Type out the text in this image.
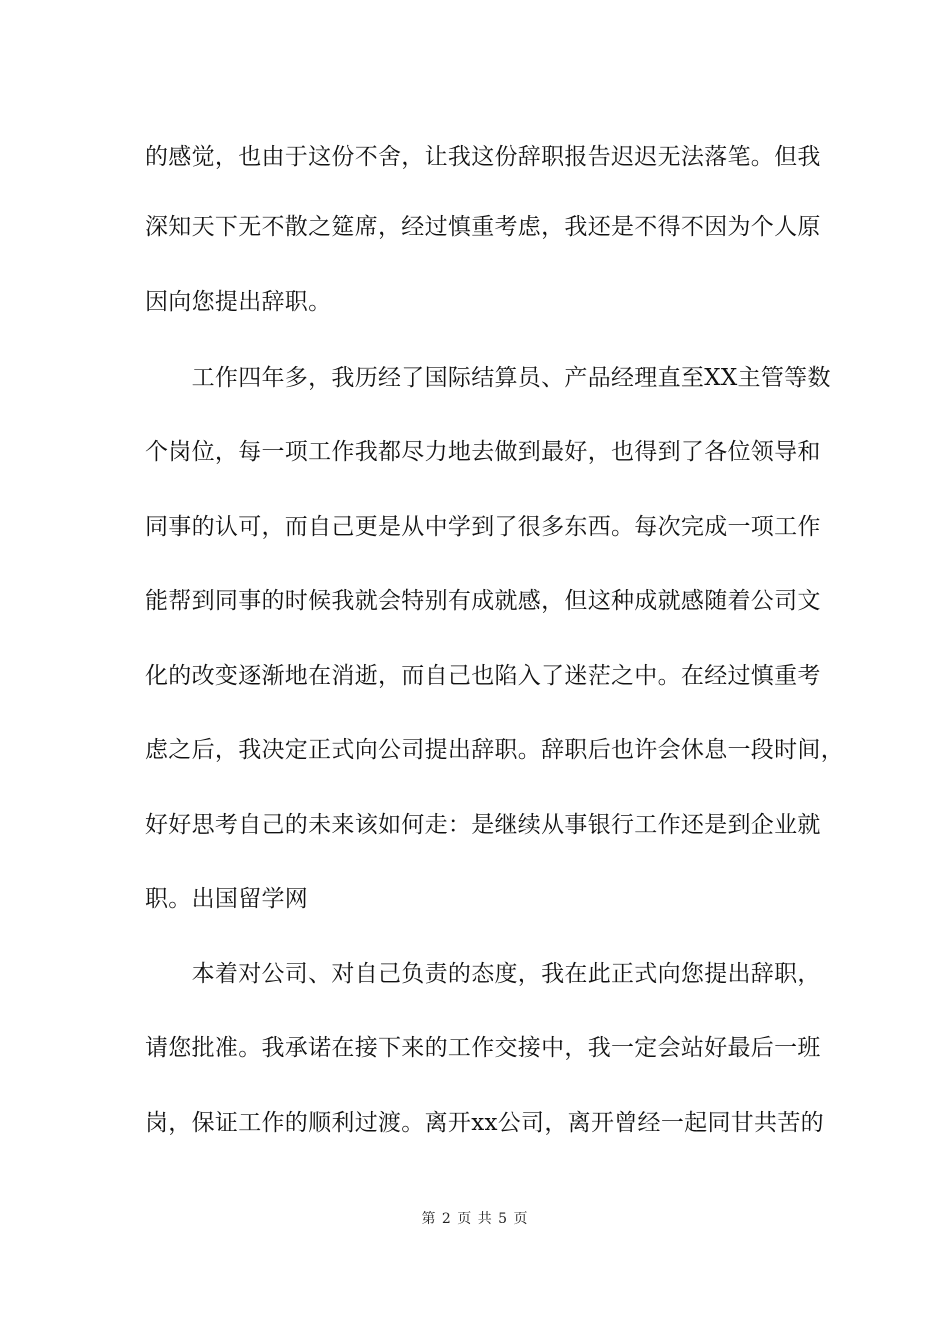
的感觉，也由于这份不舍，让我这份辞职报告迟迟无法落笔。但我
深知天下无不散之筵席，经过慎重考虑，我还是不得不因为个人原
因向您提出辞职。
　　工作四年多，我历经了国际结算员、产品经理直至XX主管等数
个岗位，每一项工作我都尽力地去做到最好，也得到了各位领导和
同事的认可，而自己更是从中学到了很多东西。每次完成一项工作
能帮到同事的时候我就会特别有成就感，但这种成就感随着公司文
化的改变逐渐地在消逝，而自己也陷入了迷茫之中。在经过慎重考
虑之后，我决定正式向公司提出辞职。辞职后也许会休息一段时间，
好好思考自己的未来该如何走：是继续从事银行工作还是到企业就
职。出国留学网
　　本着对公司、对自己负责的态度，我在此正式向您提出辞职，
请您批准。我承诺在接下来的工作交接中，我一定会站好最后一班
岗，保证工作的顺利过渡。离开xx公司，离开曾经一起同甘共苦的
第 2 页 共 5 页
